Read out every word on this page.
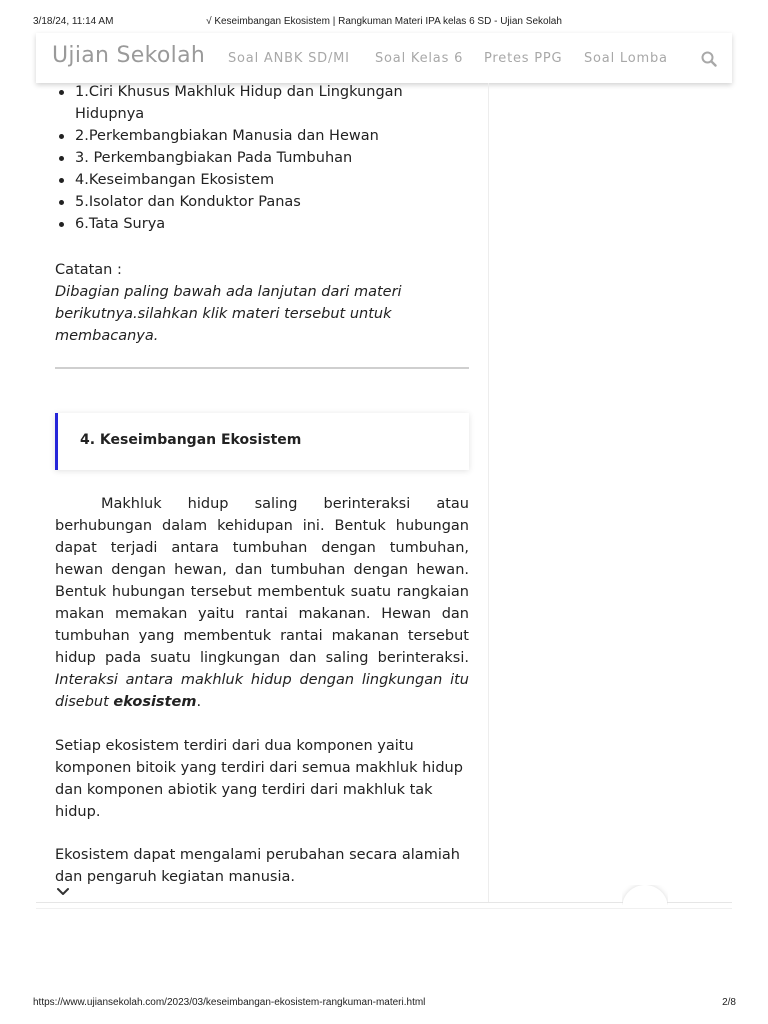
3/18/24, 11:14 AM	√ Keseimbangan Ekosistem | Rangkuman Materi IPA kelas 6 SD - Ujian Sekolah
Ujian Sekolah Soal ANBK SD/MI Soal Kelas 6 Pretes PPG Soal Lomba
1.Ciri Khusus Makhluk Hidup dan Lingkungan Hidupnya
2.Perkembangbiakan Manusia dan Hewan
3. Perkembangbiakan Pada Tumbuhan
4.Keseimbangan Ekosistem
5.Isolator dan Konduktor Panas
6.Tata Surya
Catatan :
Dibagian paling bawah ada lanjutan dari materi berikutnya.silahkan klik materi tersebut untuk membacanya.
4. Keseimbangan Ekosistem
Makhluk hidup saling berinteraksi atau berhubungan dalam kehidupan ini. Bentuk hubungan dapat terjadi antara tumbuhan dengan tumbuhan, hewan dengan hewan, dan tumbuhan dengan hewan. Bentuk hubungan tersebut membentuk suatu rangkaian makan memakan yaitu rantai makanan. Hewan dan tumbuhan yang membentuk rantai makanan tersebut hidup pada suatu lingkungan dan saling berinteraksi. Interaksi antara makhluk hidup dengan lingkungan itu disebut ekosistem.
Setiap ekosistem terdiri dari dua komponen yaitu komponen bitoik yang terdiri dari semua makhluk hidup dan komponen abiotik yang terdiri dari makhluk tak hidup.
Ekosistem dapat mengalami perubahan secara alamiah dan pengaruh kegiatan manusia.
https://www.ujiansekolah.com/2023/03/keseimbangan-ekosistem-rangkuman-materi.html	2/8
